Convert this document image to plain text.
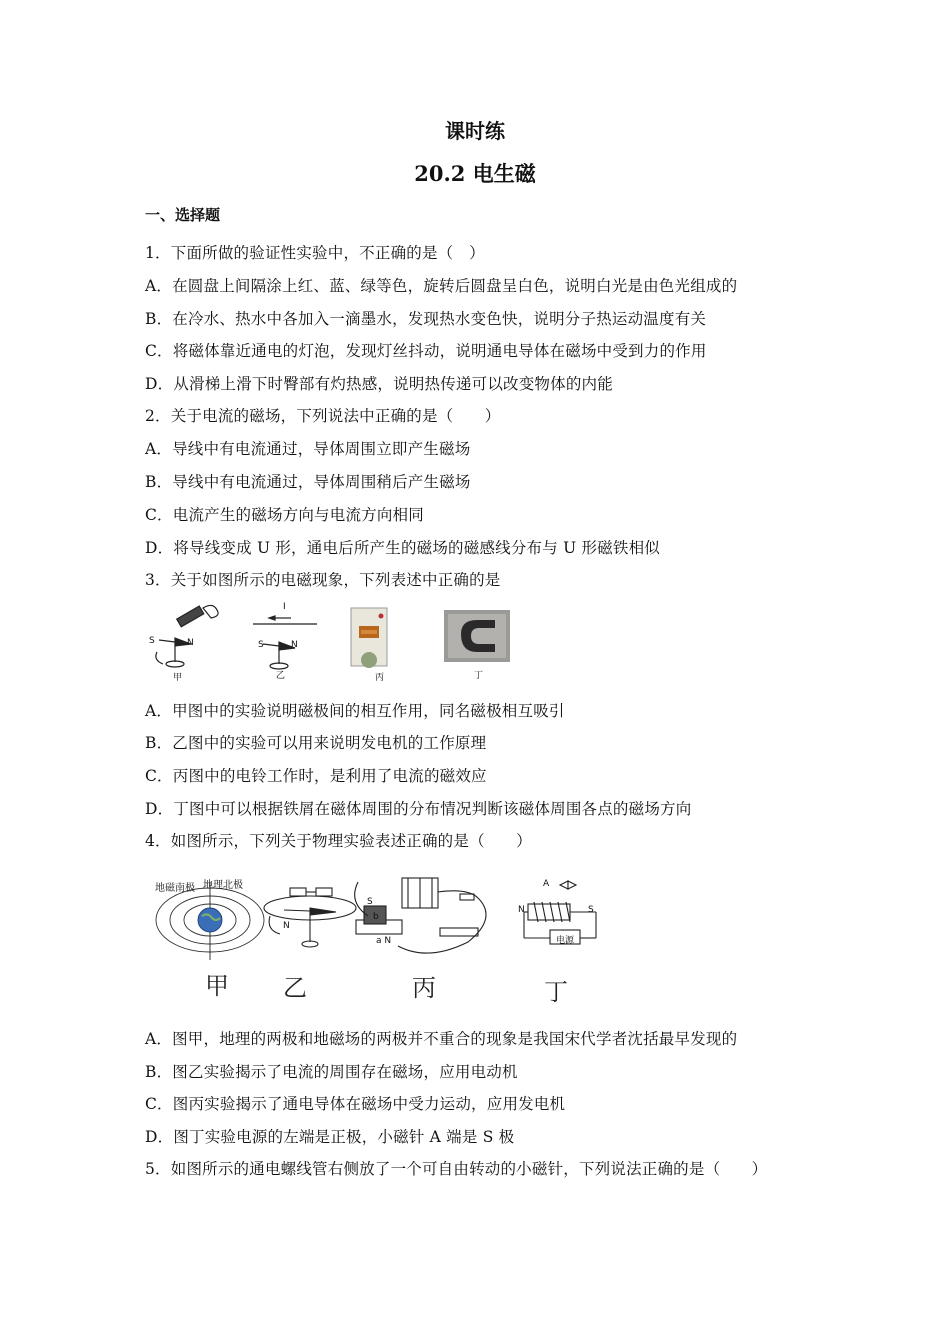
课时练
20.2 电生磁
一、选择题
1．下面所做的验证性实验中，不正确的是（　）
A．在圆盘上间隔涂上红、蓝、绿等色，旋转后圆盘呈白色，说明白光是由色光组成的
B．在冷水、热水中各加入一滴墨水，发现热水变色快，说明分子热运动温度有关
C．将磁体靠近通电的灯泡，发现灯丝抖动，说明通电导体在磁场中受到力的作用
D．从滑梯上滑下时臀部有灼热感，说明热传递可以改变物体的内能
2．关于电流的磁场，下列说法中正确的是（　　）
A．导线中有电流通过，导体周围立即产生磁场
B．导线中有电流通过，导体周围稍后产生磁场
C．电流产生的磁场方向与电流方向相同
D．将导线变成 U 形，通电后所产生的磁场的磁感线分布与 U 形磁铁相似
3．关于如图所示的电磁现象，下列表述中正确的是
S	N
I
S	N
甲	乙	丙	丁
A．甲图中的实验说明磁极间的相互作用，同名磁极相互吸引
B．乙图中的实验可以用来说明发电机的工作原理
C．丙图中的电铃工作时，是利用了电流的磁效应
D．丁图中可以根据铁屑在磁体周围的分布情况判断该磁体周围各点的磁场方向
4．如图所示，下列关于物理实验表述正确的是（　　）
地磁南极 地理北极
N
S
b
a N
A
N	S
电源
甲 乙	丙	丁
A．图甲，地理的两极和地磁场的两极并不重合的现象是我国宋代学者沈括最早发现的
B．图乙实验揭示了电流的周围存在磁场，应用电动机
C．图丙实验揭示了通电导体在磁场中受力运动，应用发电机
D．图丁实验电源的左端是正极，小磁针 A 端是 S 极
5．如图所示的通电螺线管右侧放了一个可自由转动的小磁针，下列说法正确的是（　　）
